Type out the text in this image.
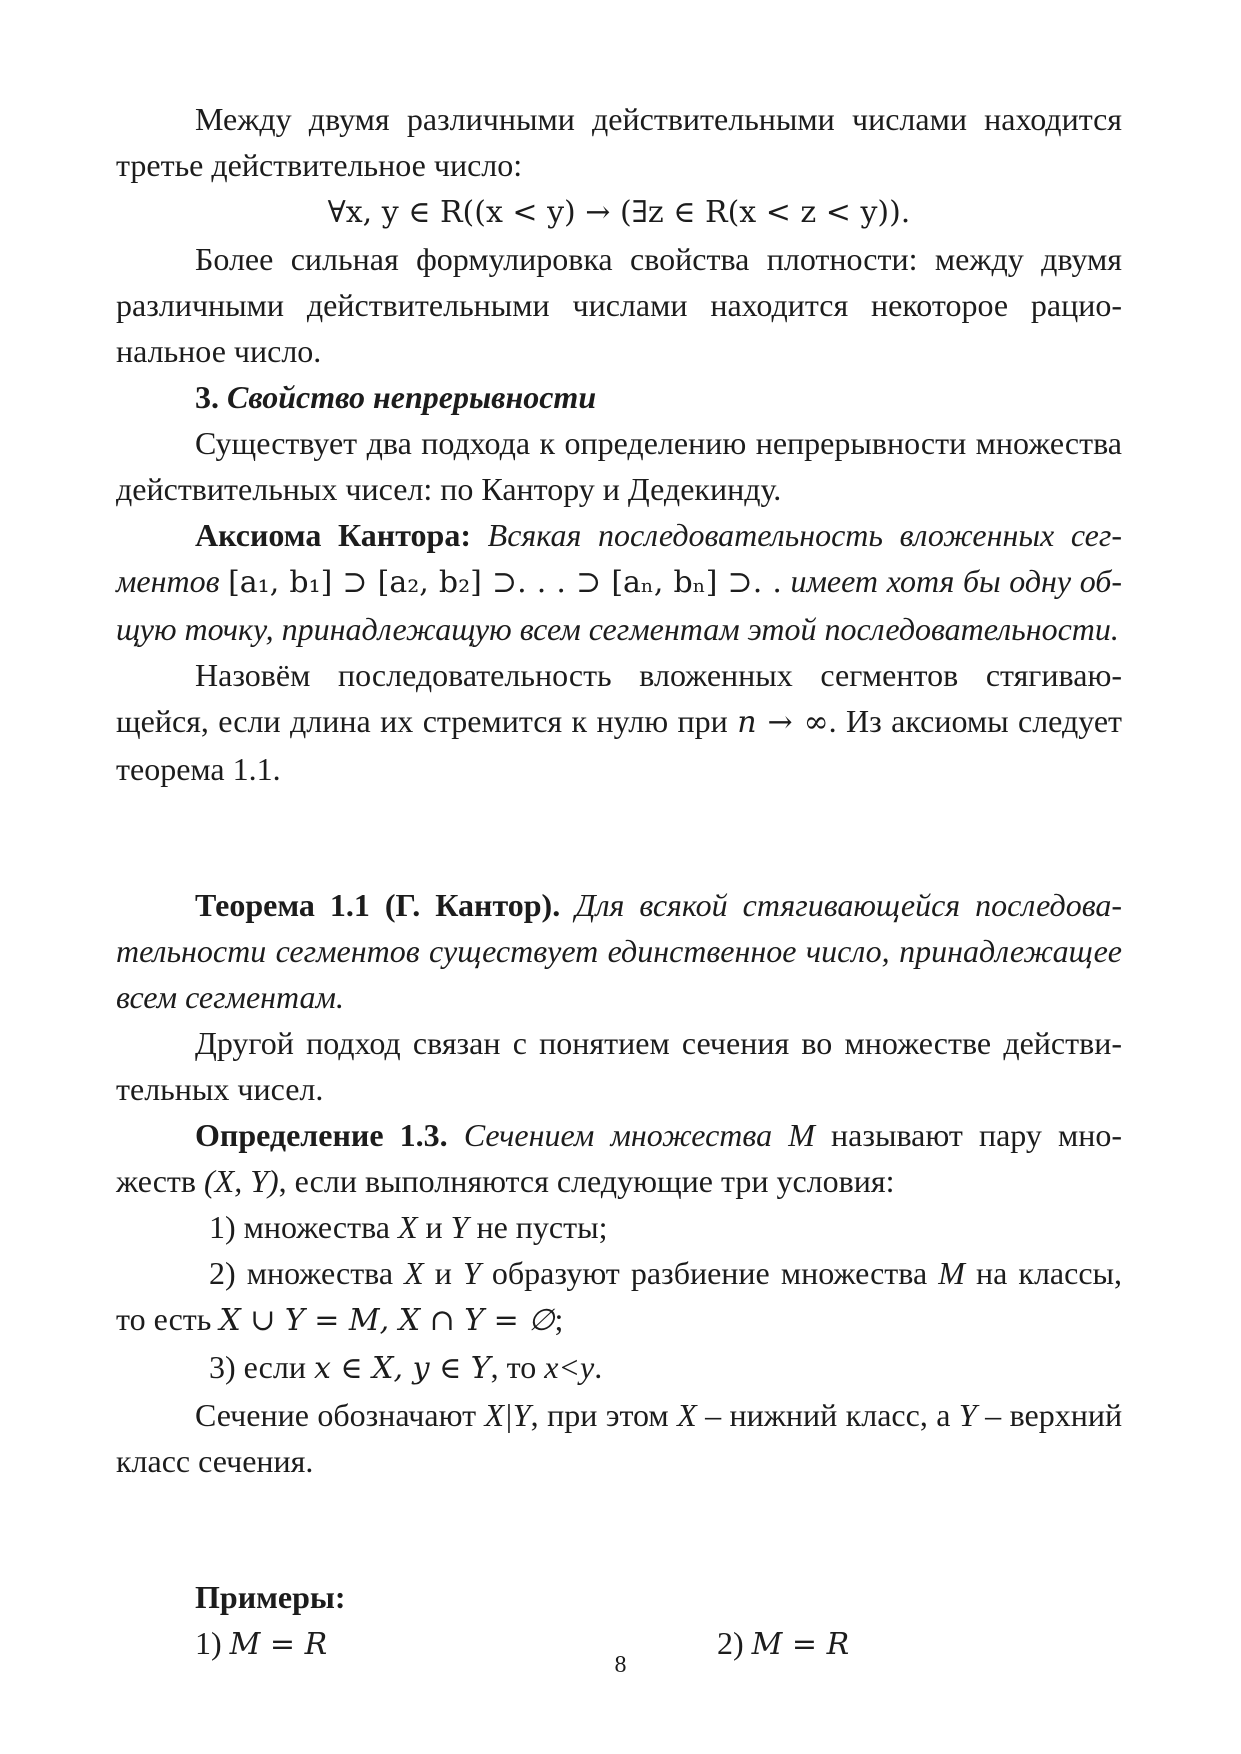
Между двумя различными действительными числами находится третье действительное число:

∀x, y ∈ R((x < y) → (∃z ∈ R(x < z < y)).

Более сильная формулировка свойства плотности: между двумя различными действительными числами находится некоторое рациональное число.

3. Свойство непрерывности

Существует два подхода к определению непрерывности множества действительных чисел: по Кантору и Дедекинду.

Аксиома Кантора: Всякая последовательность вложенных сегментов [a₁, b₁] ⊃ [a₂, b₂] ⊃. . . ⊃ [aₙ, bₙ] ⊃. . имеет хотя бы одну общую точку, принадлежащую всем сегментам этой последовательности.

Назовём последовательность вложенных сегментов стягивающейся, если длина их стремится к нулю при n → ∞. Из аксиомы следует теорема 1.1.

Теорема 1.1 (Г. Кантор). Для всякой стягивающейся последовательности сегментов существует единственное число, принадлежащее всем сегментам.

Другой подход связан с понятием сечения во множестве действительных чисел.

Определение 1.3. Сечением множества M называют пару множеств (X, Y), если выполняются следующие три условия:

1) множества X и Y не пусты;

2) множества X и Y образуют разбиение множества M на классы, то есть X ∪ Y = M, X ∩ Y = ∅;

3) если x ∈ X, y ∈ Y, то x<y.

Сечение обозначают X|Y, при этом X – нижний класс, а Y – верхний класс сечения.

Примеры:

1) M = R	2) M = R
8
